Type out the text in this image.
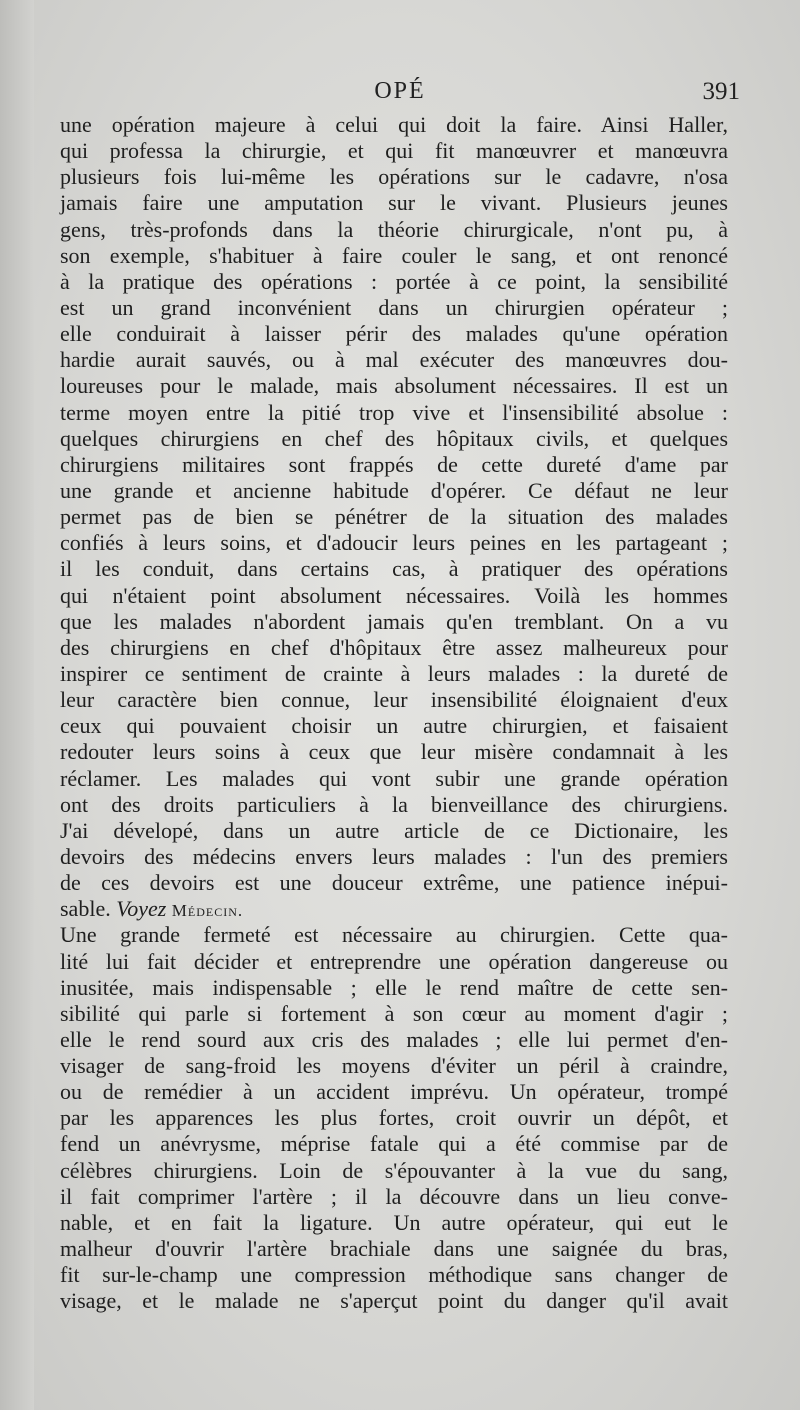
OPÉ	391
une opération majeure à celui qui doit la faire. Ainsi Haller,
qui professa la chirurgie, et qui fit manœuvrer et manœuvra
plusieurs fois lui-même les opérations sur le cadavre, n'osa
jamais faire une amputation sur le vivant. Plusieurs jeunes
gens, très-profonds dans la théorie chirurgicale, n'ont pu, à
son exemple, s'habituer à faire couler le sang, et ont renoncé
à la pratique des opérations : portée à ce point, la sensibilité
est un grand inconvénient dans un chirurgien opérateur ;
elle conduirait à laisser périr des malades qu'une opération
hardie aurait sauvés, ou à mal exécuter des manœuvres dou-
loureuses pour le malade, mais absolument nécessaires. Il est un
terme moyen entre la pitié trop vive et l'insensibilité absolue :
quelques chirurgiens en chef des hôpitaux civils, et quelques
chirurgiens militaires sont frappés de cette dureté d'ame par
une grande et ancienne habitude d'opérer. Ce défaut ne leur
permet pas de bien se pénétrer de la situation des malades
confiés à leurs soins, et d'adoucir leurs peines en les partageant ;
il les conduit, dans certains cas, à pratiquer des opérations
qui n'étaient point absolument nécessaires. Voilà les hommes
que les malades n'abordent jamais qu'en tremblant. On a vu
des chirurgiens en chef d'hôpitaux être assez malheureux pour
inspirer ce sentiment de crainte à leurs malades : la dureté de
leur caractère bien connue, leur insensibilité éloignaient d'eux
ceux qui pouvaient choisir un autre chirurgien, et faisaient
redouter leurs soins à ceux que leur misère condamnait à les
réclamer. Les malades qui vont subir une grande opération
ont des droits particuliers à la bienveillance des chirurgiens.
J'ai dévelopé, dans un autre article de ce Dictionaire, les
devoirs des médecins envers leurs malades : l'un des premiers
de ces devoirs est une douceur extrême, une patience inépui-
sable. Voyez Médecin.
Une grande fermeté est nécessaire au chirurgien. Cette qua-
lité lui fait décider et entreprendre une opération dangereuse ou
inusitée, mais indispensable ; elle le rend maître de cette sen-
sibilité qui parle si fortement à son cœur au moment d'agir ;
elle le rend sourd aux cris des malades ; elle lui permet d'en-
visager de sang-froid les moyens d'éviter un péril à craindre,
ou de remédier à un accident imprévu. Un opérateur, trompé
par les apparences les plus fortes, croit ouvrir un dépôt, et
fend un anévrysme, méprise fatale qui a été commise par de
célèbres chirurgiens. Loin de s'épouvanter à la vue du sang,
il fait comprimer l'artère ; il la découvre dans un lieu conve-
nable, et en fait la ligature. Un autre opérateur, qui eut le
malheur d'ouvrir l'artère brachiale dans une saignée du bras,
fit sur-le-champ une compression méthodique sans changer de
visage, et le malade ne s'aperçut point du danger qu'il avait
